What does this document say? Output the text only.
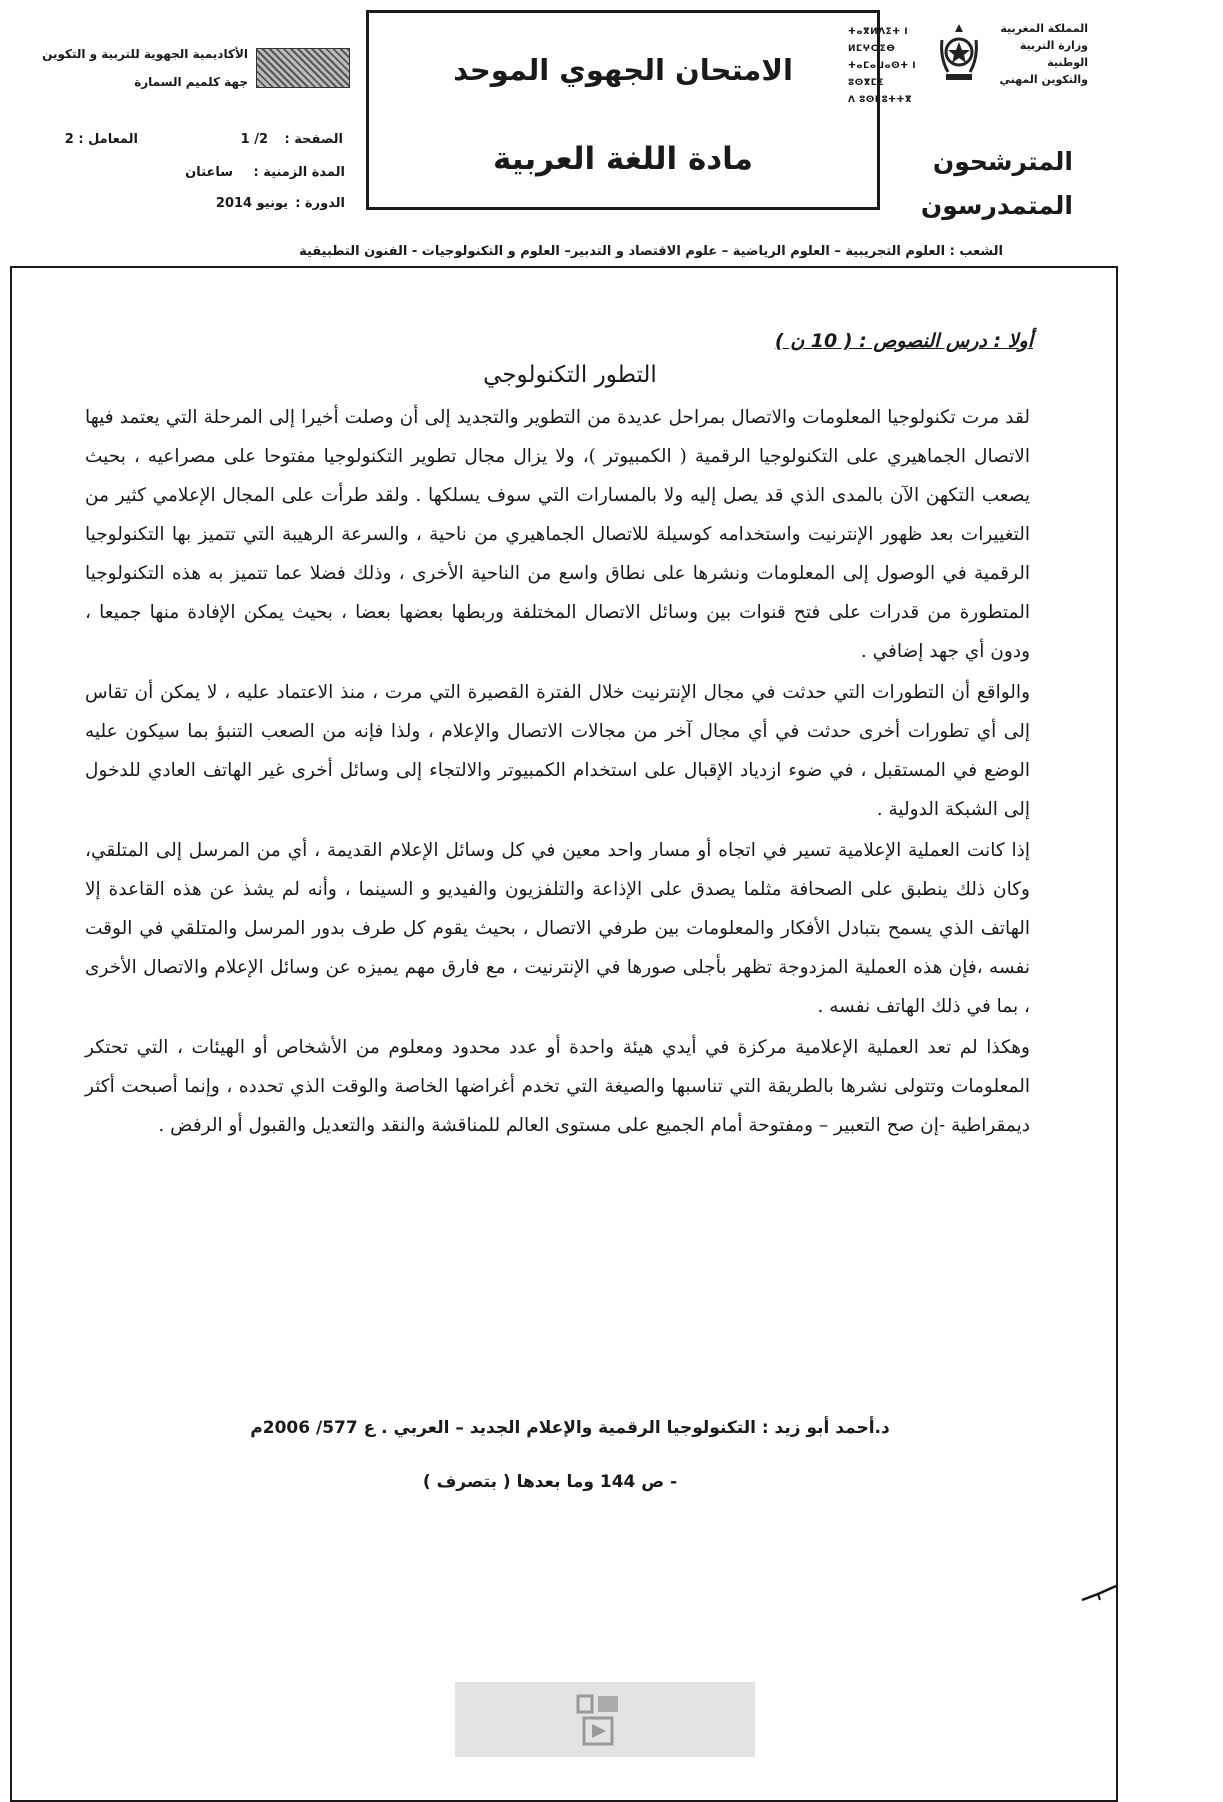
المملكة المغربية
وزارة التربية الوطنية
والتكوين المهني
ⵜⴰⴳⵍⴷⵉⵜ ⵏ ⵍⵎⵖⵔⵉⴱ
ⵜⴰⵎⴰⵡⴰⵙⵜ ⵏ ⵓⵙⴳⵎⵉ
ⴷ ⵓⵙⵎⵓⵜⵜⴳ
المترشحون
المتمدرسون
الامتحان الجهوي الموحد
مادة اللغة العربية
الأكاديمية الجهوية للتربية و التكوين
جهة كلميم السمارة
الصفحة :
2/ 1
المعامل : 2
المدة الزمنية :
ساعتان
الدورة :
يونيو 2014
الشعب : العلوم التجريبية – العلوم الرياضية – علوم الاقتصاد و التدبير– العلوم و التكنولوجيات - الفنون التطبيقية
أولا : درس النصوص : ( 10 ن )
التطور التكنولوجي

لقد مرت تكنولوجيا المعلومات والاتصال بمراحل عديدة من التطوير والتجديد إلى أن وصلت أخيرا إلى المرحلة التي يعتمد فيها الاتصال الجماهيري على التكنولوجيا الرقمية ( الكمبيوتر )، ولا يزال مجال تطوير التكنولوجيا مفتوحا على مصراعيه ، بحيث يصعب التكهن الآن بالمدى الذي قد يصل إليه ولا بالمسارات التي سوف يسلكها . ولقد طرأت على المجال الإعلامي كثير من التغييرات بعد ظهور الإنترنيت واستخدامه كوسيلة للاتصال الجماهيري من ناحية ، والسرعة الرهيبة التي تتميز بها التكنولوجيا الرقمية في الوصول إلى المعلومات ونشرها على نطاق واسع من الناحية الأخرى ، وذلك فضلا عما تتميز به هذه التكنولوجيا المتطورة من قدرات على فتح قنوات بين وسائل الاتصال المختلفة وربطها بعضها بعضا ، بحيث يمكن الإفادة منها جميعا ، ودون أي جهد إضافي .

والواقع أن التطورات التي حدثت في مجال الإنترنيت خلال الفترة القصيرة التي مرت ، منذ الاعتماد عليه ، لا يمكن أن تقاس إلى أي تطورات أخرى حدثت في أي مجال آخر من مجالات الاتصال والإعلام ، ولذا فإنه من الصعب التنبؤ بما سيكون عليه الوضع في المستقبل ، في ضوء ازدياد الإقبال على استخدام الكمبيوتر والالتجاء إلى وسائل أخرى غير الهاتف العادي للدخول إلى الشبكة الدولية .

إذا كانت العملية الإعلامية تسير في اتجاه أو مسار واحد معين في كل وسائل الإعلام القديمة ، أي من المرسل إلى المتلقي، وكان ذلك ينطبق على الصحافة مثلما يصدق على الإذاعة والتلفزيون والفيديو و السينما ، وأنه لم يشذ عن هذه القاعدة إلا الهاتف الذي يسمح بتبادل الأفكار والمعلومات بين طرفي الاتصال ، بحيث يقوم كل طرف بدور المرسل والمتلقي في الوقت نفسه ،فإن هذه العملية المزدوجة تظهر بأجلى صورها في الإنترنيت ، مع فارق مهم يميزه عن وسائل الإعلام والاتصال الأخرى ، بما في ذلك الهاتف نفسه .

وهكذا لم تعد العملية الإعلامية مركزة في أيدي هيئة واحدة أو عدد محدود ومعلوم من الأشخاص أو الهيئات ، التي تحتكر المعلومات وتتولى نشرها بالطريقة التي تناسبها والصيغة التي تخدم أغراضها الخاصة والوقت الذي تحدده ، وإنما أصبحت أكثر ديمقراطية -إن صح التعبير – ومفتوحة أمام الجميع على مستوى العالم للمناقشة والنقد والتعديل والقبول أو الرفض .

د.أحمد أبو زيد : التكنولوجيا الرقمية والإعلام الجديد – العربي . ع 577/ 2006م
- ص 144 وما بعدها ( بتصرف )
